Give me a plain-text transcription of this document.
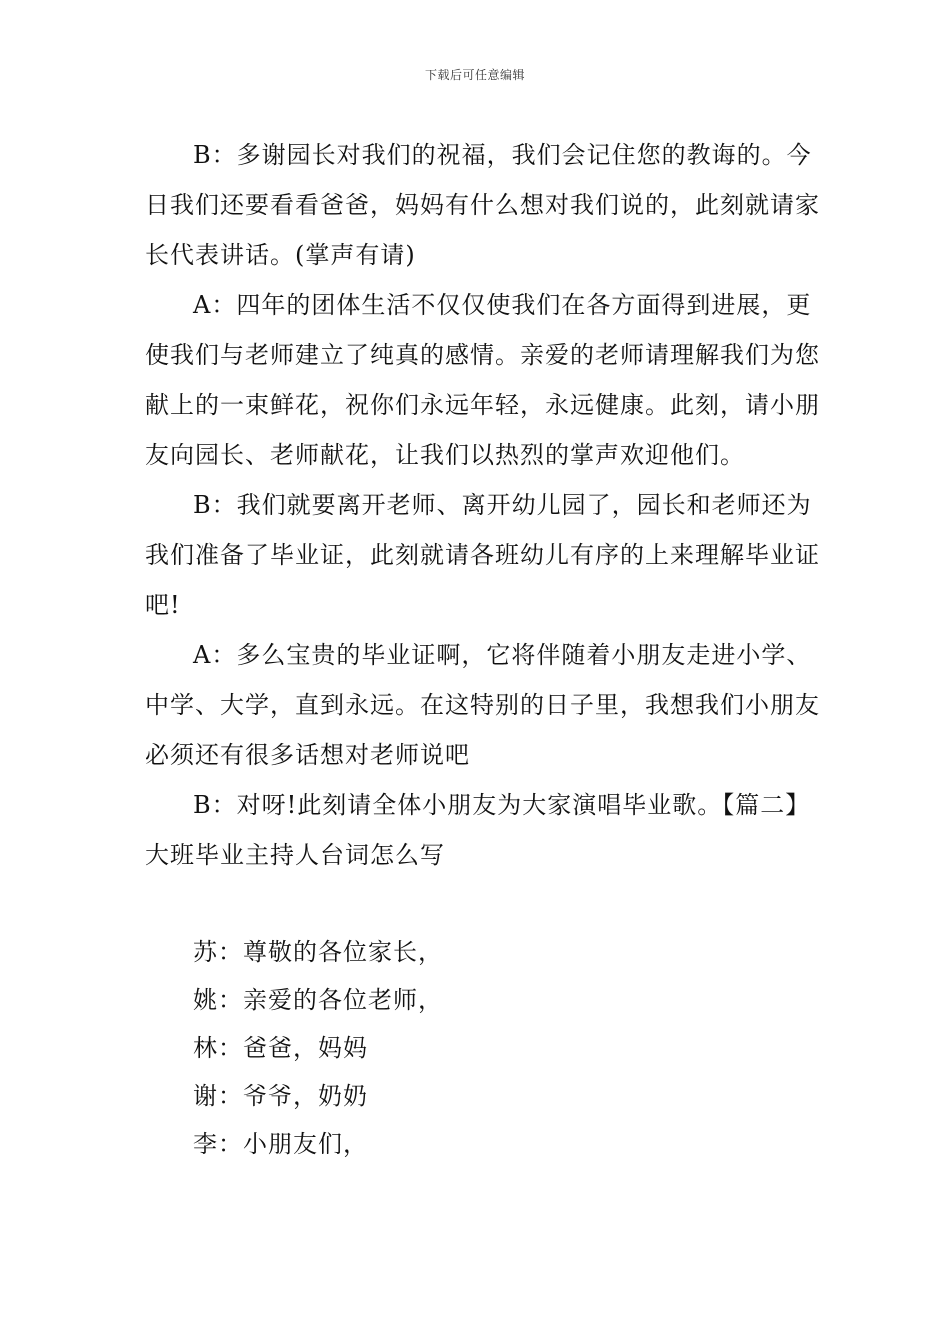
下载后可任意编辑

B：多谢园长对我们的祝福，我们会记住您的教诲的。今日我们还要看看爸爸，妈妈有什么想对我们说的，此刻就请家长代表讲话。(掌声有请)

A：四年的团体生活不仅仅使我们在各方面得到进展，更使我们与老师建立了纯真的感情。亲爱的老师请理解我们为您献上的一束鲜花，祝你们永远年轻，永远健康。此刻，请小朋友向园长、老师献花，让我们以热烈的掌声欢迎他们。

B：我们就要离开老师、离开幼儿园了，园长和老师还为我们准备了毕业证，此刻就请各班幼儿有序的上来理解毕业证吧!

A：多么宝贵的毕业证啊，它将伴随着小朋友走进小学、中学、大学，直到永远。在这特别的日子里，我想我们小朋友必须还有很多话想对老师说吧

B：对呀!此刻请全体小朋友为大家演唱毕业歌。【篇二】大班毕业主持人台词怎么写

苏：尊敬的各位家长，

姚：亲爱的各位老师，

林：爸爸，妈妈

谢：爷爷，奶奶

李：小朋友们，
